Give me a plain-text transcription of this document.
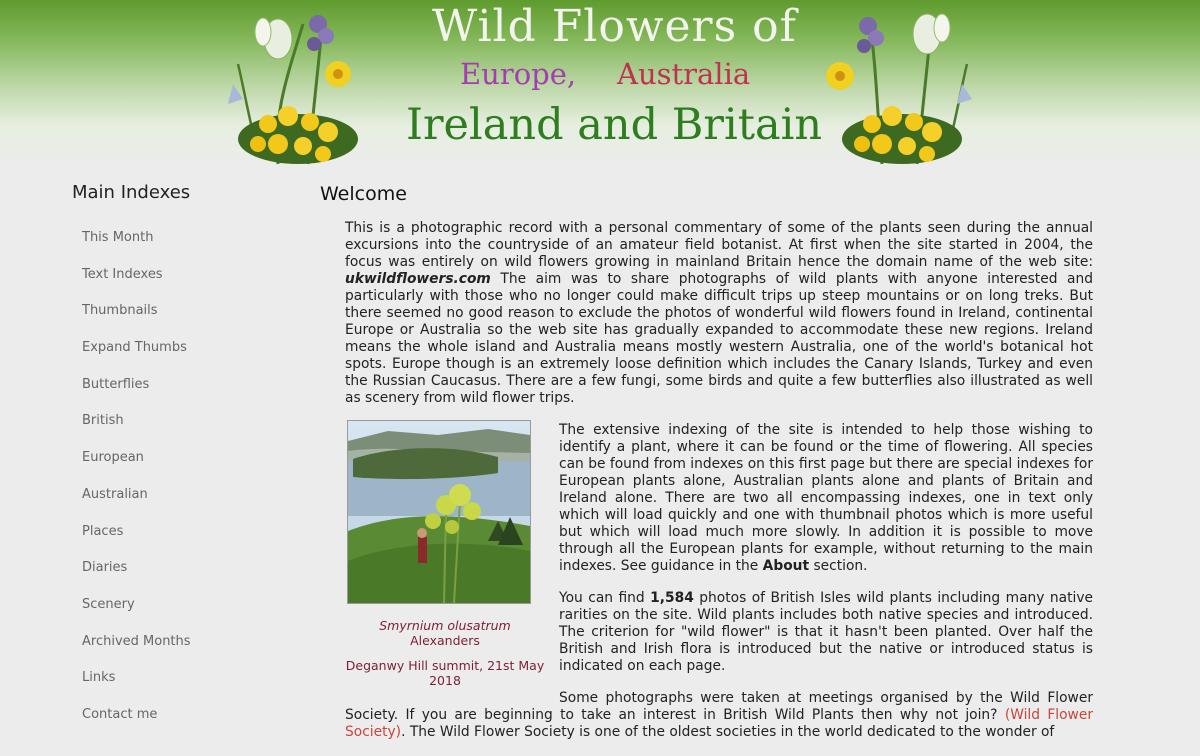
Wild Flowers of
Europe, Australia
Ireland and Britain
Main Indexes
This Month
Text Indexes
Thumbnails
Expand Thumbs
Butterflies
British
European
Australian
Places
Diaries
Scenery
Archived Months
Links
Contact me
Welcome

This is a photographic record with a personal commentary of some of the plants seen during the annual excursions into the countryside of an amateur field botanist. At first when the site started in 2004, the focus was entirely on wild flowers growing in mainland Britain hence the domain name of the web site: ukwildflowers.com The aim was to share photographs of wild plants with anyone interested and particularly with those who no longer could make difficult trips up steep mountains or on long treks. But there seemed no good reason to exclude the photos of wonderful wild flowers found in Ireland, continental Europe or Australia so the web site has gradually expanded to accommodate these new regions. Ireland means the whole island and Australia means mostly western Australia, one of the world's botanical hot spots. Europe though is an extremely loose definition which includes the Canary Islands, Turkey and even the Russian Caucasus. There are a few fungi, some birds and quite a few butterflies also illustrated as well as scenery from wild flower trips.

Smyrnium olusatrum
Alexanders
Deganwy Hill summit, 21st May 2018

The extensive indexing of the site is intended to help those wishing to identify a plant, where it can be found or the time of flowering. All species can be found from indexes on this first page but there are special indexes for European plants alone, Australian plants alone and plants of Britain and Ireland alone. There are two all encompassing indexes, one in text only which will load quickly and one with thumbnail photos which is more useful but which will load much more slowly. In addition it is possible to move through all the European plants for example, without returning to the main indexes. See guidance in the About section.

You can find 1,584 photos of British Isles wild plants including many native rarities on the site. Wild plants includes both native species and introduced. The criterion for "wild flower" is that it hasn't been planted. Over half the British and Irish flora is introduced but the native or introduced status is indicated on each page.

Some photographs were taken at meetings organised by the Wild Flower Society. If you are beginning to take an interest in British Wild Plants then why not join? (Wild Flower Society). The Wild Flower Society is one of the oldest societies in the world dedicated to the wonder of
